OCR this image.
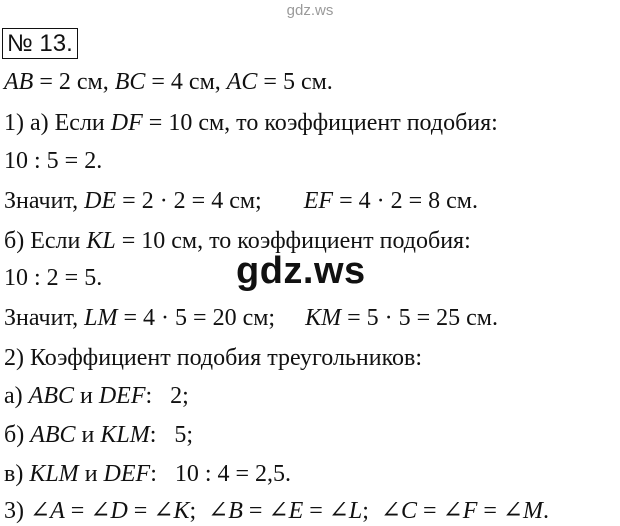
gdz.ws
№ 13.
AB = 2 см, BC = 4 см, AC = 5 см.
1) а) Если DF = 10 см, то коэффициент подобия:
10 : 5 = 2.
Значит, DE = 2 · 2 = 4 см;       EF = 4 · 2 = 8 см.
б) Если KL = 10 см, то коэффициент подобия:
10 : 2 = 5.
Значит, LM = 4 · 5 = 20 см;     KM = 5 · 5 = 25 см.
2) Коэффициент подобия треугольников:
а) ABC и DEF:   2;
б) ABC и KLM:   5;
в) KLM и DEF:   10 : 4 = 2,5.
3) ∠A = ∠D = ∠K;  ∠B = ∠E = ∠L;  ∠C = ∠F = ∠M.
gdz.ws
